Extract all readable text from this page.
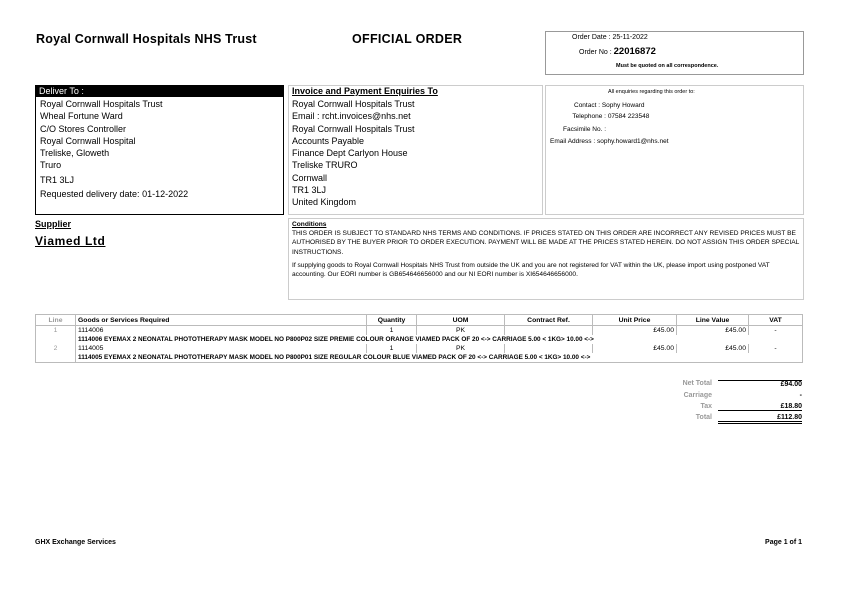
Royal Cornwall Hospitals NHS Trust	OFFICIAL ORDER	Order Date : 25-11-2022
Order No : 22016872
Must be quoted on all correspondence.
Deliver To :
Royal Cornwall Hospitals Trust
Wheal Fortune Ward
C/O Stores Controller
Royal Cornwall Hospital
Treliske, Gloweth
Truro
TR1 3LJ
Requested delivery date: 01-12-2022
Invoice and Payment Enquiries To
Royal Cornwall Hospitals Trust
Email : rcht.invoices@nhs.net
Royal Cornwall Hospitals Trust
Accounts Payable
Finance Dept Carlyon House
Treliske TRURO
Cornwall
TR1 3LJ
United Kingdom
All enquiries regarding this order to:
Contact : Sophy Howard
Telephone : 07584 223548
Facsimile No. :
Email Address : sophy.howard1@nhs.net
Supplier
Viamed Ltd
Conditions
THIS ORDER IS SUBJECT TO STANDARD NHS TERMS AND CONDITIONS. IF PRICES STATED ON THIS ORDER ARE INCORRECT ANY REVISED PRICES MUST BE AUTHORISED BY THE BUYER PRIOR TO ORDER EXECUTION. PAYMENT WILL BE MADE AT THE PRICES STATED HEREIN. DO NOT ASSIGN THIS ORDER SPECIAL INSTRUCTIONS.
If supplying goods to Royal Cornwall Hospitals NHS Trust from outside the UK and you are not registered for VAT within the UK, please import using postponed VAT accounting. Our EORI number is GB654646656000 and our NI EORI number is XI654646656000.
Line	Goods or Services Required	Quantity	UOM	Contract Ref.	Unit Price	Line Value	VAT
1	1114006	1	PK		£45.00	£45.00	-
	1114006 EYEMAX 2 NEONATAL PHOTOTHERAPY MASK MODEL NO P800P02 SIZE PREMIE COLOUR ORANGE VIAMED PACK OF 20 <-> CARRIAGE 5.00 < 1KG> 10.00 <->						
2	1114005	1	PK		£45.00	£45.00	-
	1114005 EYEMAX 2 NEONATAL PHOTOTHERAPY MASK MODEL NO P800P01 SIZE REGULAR COLOUR BLUE VIAMED PACK OF 20 <-> CARRIAGE 5.00 < 1KG> 10.00 <->						
Net Total	£94.00
Carriage	-
Tax	£18.80
Total	£112.80
GHX Exchange Services	Page 1 of 1
